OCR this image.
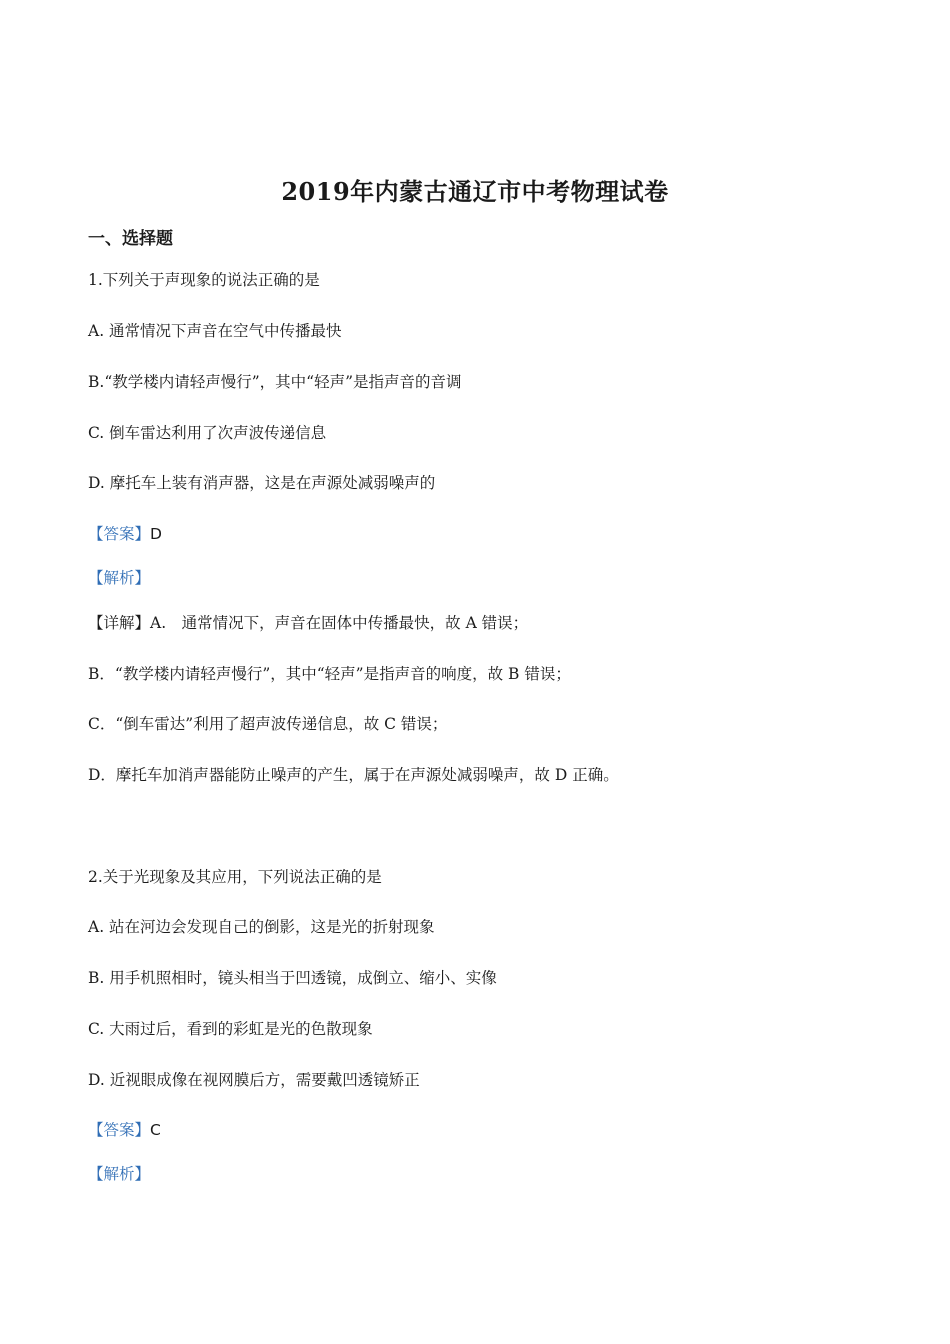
2019年内蒙古通辽市中考物理试卷
一、选择题
1.下列关于声现象的说法正确的是
A. 通常情况下声音在空气中传播最快
B.“教学楼内请轻声慢行”，其中“轻声”是指声音的音调
C. 倒车雷达利用了次声波传递信息
D. 摩托车上装有消声器，这是在声源处减弱噪声的
【答案】D
【解析】
【详解】A.　通常情况下，声音在固体中传播最快，故 A 错误；
B．“教学楼内请轻声慢行”，其中“轻声”是指声音的响度，故 B 错误；
C．“倒车雷达”利用了超声波传递信息，故 C 错误；
D．摩托车加消声器能防止噪声的产生，属于在声源处减弱噪声，故 D 正确。
2.关于光现象及其应用，下列说法正确的是
A. 站在河边会发现自己的倒影，这是光的折射现象
B. 用手机照相时，镜头相当于凹透镜，成倒立、缩小、实像
C. 大雨过后，看到的彩虹是光的色散现象
D. 近视眼成像在视网膜后方，需要戴凹透镜矫正
【答案】C
【解析】
